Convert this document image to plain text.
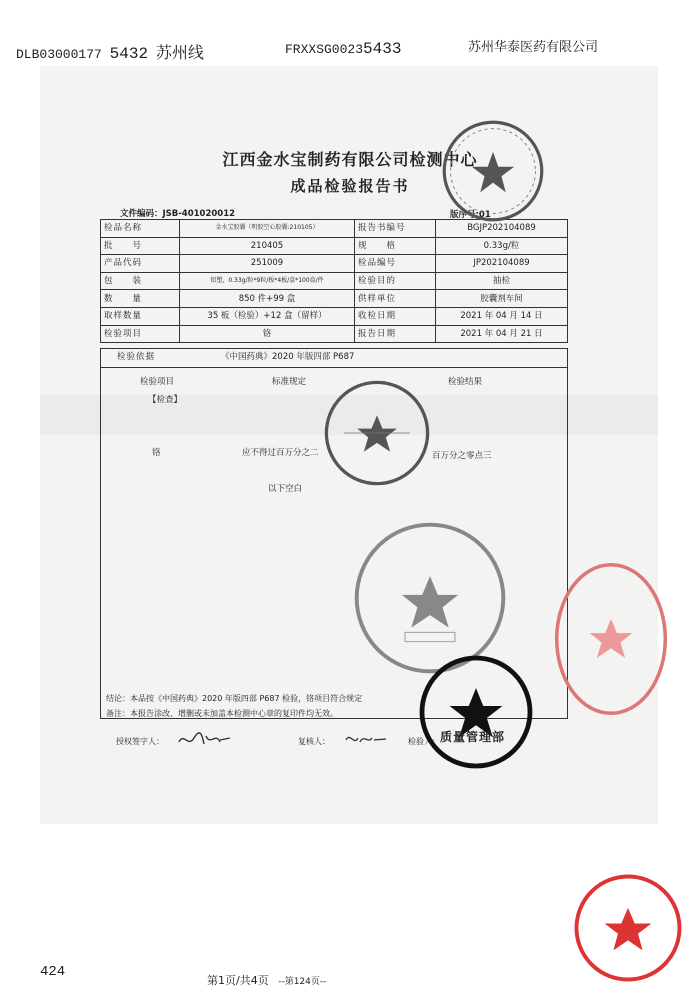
DLB03000177 5432 苏州线	FRXXSG00235433	苏州华泰医药有限公司
江西金水宝制药有限公司检测中心
成品检验报告书
文件编码：JSB-401020012	版序号:01
检品名称	金水宝胶囊（明胶空心胶囊:210105）	报告书编号	BGJP202104089
批　　号	210405	规　　格	0.33g/粒
产品代码	251009	检品编号	JP202104089
包　　装	铝塑，0.33g/粒*9粒/板*4板/盒*100盒/件	检验目的	抽检
数　　量	850 件+99 盒	供样单位	胶囊剂车间
取样数量	35 板（检验）+12 盒（留样）	收检日期	2021 年 04 月 14 日
检验项目	铬	报告日期	2021 年 04 月 21 日
检验依据	《中国药典》2020 年版四部 P687
检验项目	标准规定	检验结果
【检查】
铬	应不得过百万分之二	百万分之零点三
以下空白
结论：本品按《中国药典》2020 年版四部 P687 检验，铬项目符合规定
备注：本报告涂改、增删或未加盖本检测中心章的复印件均无效。
授权签字人：	复核人：	检验人： 质量管理部
424
第1页/共4页 --第124页--
